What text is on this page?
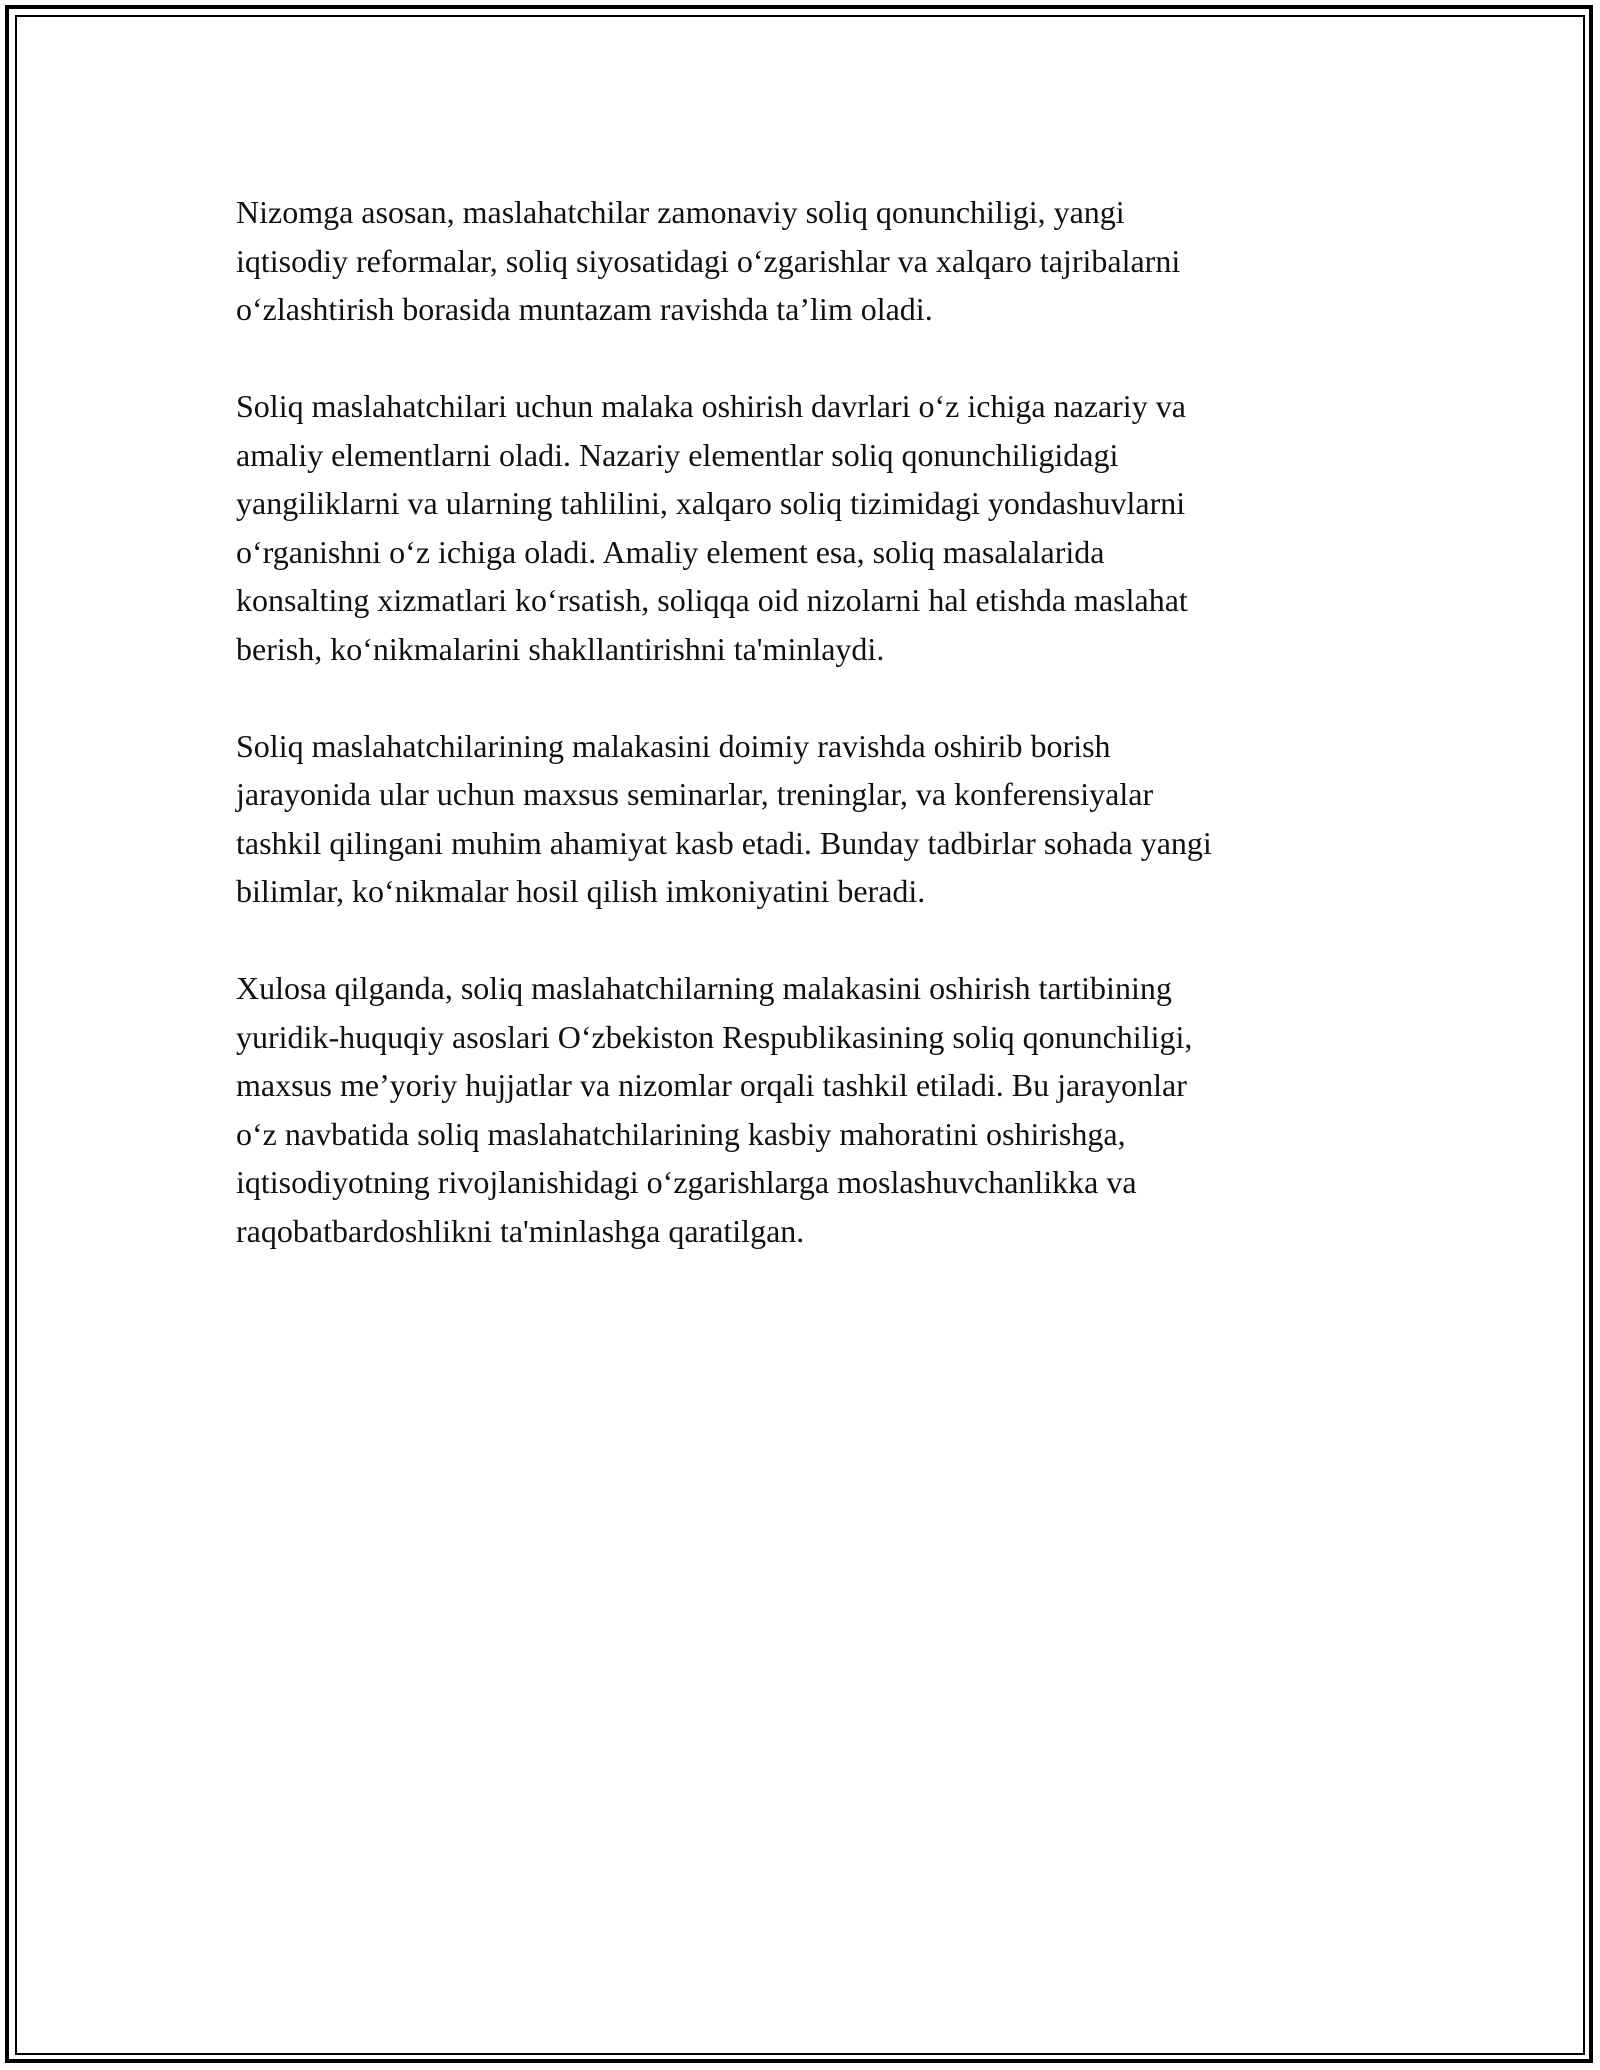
Nizomga asosan, maslahatchilar zamonaviy soliq qonunchiligi, yangi
iqtisodiy reformalar, soliq siyosatidagi o‘zgarishlar va xalqaro tajribalarni
o‘zlashtirish borasida muntazam ravishda ta’lim oladi.

Soliq maslahatchilari uchun malaka oshirish davrlari o‘z ichiga nazariy va
amaliy elementlarni oladi. Nazariy elementlar soliq qonunchiligidagi
yangiliklarni va ularning tahlilini, xalqaro soliq tizimidagi yondashuvlarni
o‘rganishni o‘z ichiga oladi. Amaliy element esa, soliq masalalarida
konsalting xizmatlari ko‘rsatish, soliqqa oid nizolarni hal etishda maslahat
berish, ko‘nikmalarini shakllantirishni ta'minlaydi.

Soliq maslahatchilarining malakasini doimiy ravishda oshirib borish
jarayonida ular uchun maxsus seminarlar, treninglar, va konferensiyalar
tashkil qilingani muhim ahamiyat kasb etadi. Bunday tadbirlar sohada yangi
bilimlar, ko‘nikmalar hosil qilish imkoniyatini beradi.

Xulosa qilganda, soliq maslahatchilarning malakasini oshirish tartibining
yuridik-huquqiy asoslari O‘zbekiston Respublikasining soliq qonunchiligi,
maxsus me’yoriy hujjatlar va nizomlar orqali tashkil etiladi. Bu jarayonlar
o‘z navbatida soliq maslahatchilarining kasbiy mahoratini oshirishga,
iqtisodiyotning rivojlanishidagi o‘zgarishlarga moslashuvchanlikka va
raqobatbardoshlikni ta'minlashga qaratilgan.
